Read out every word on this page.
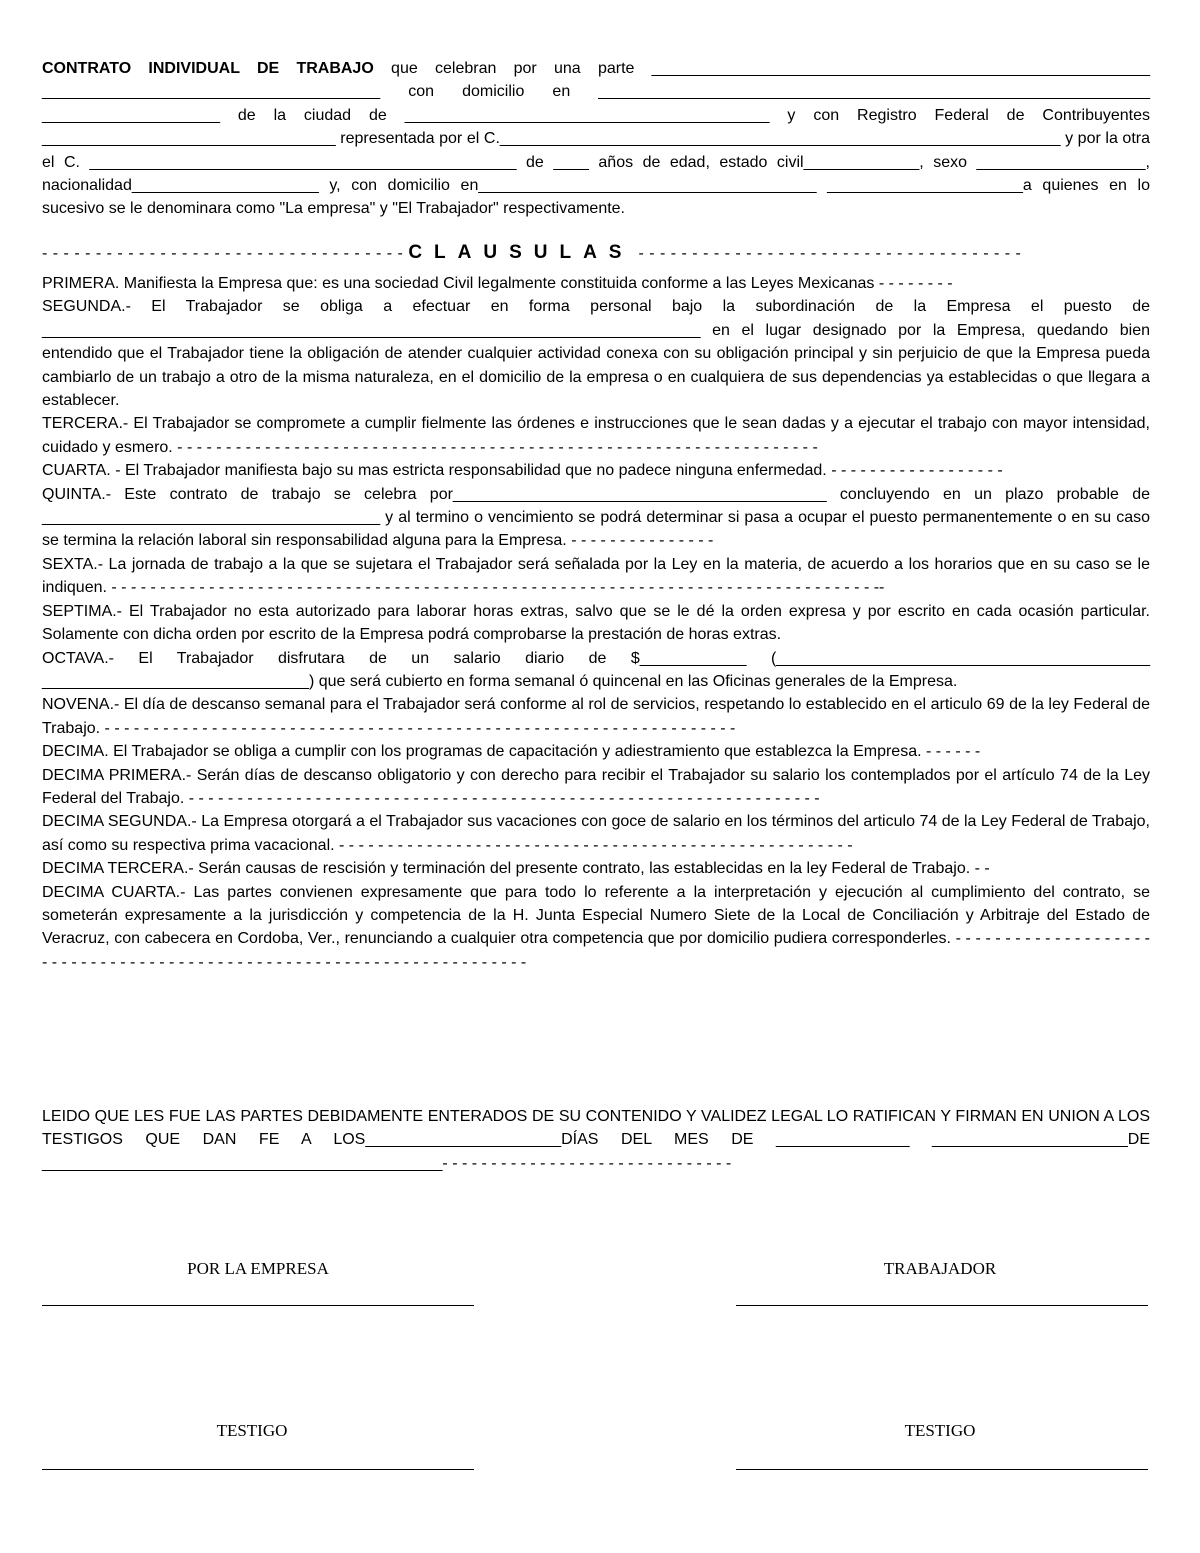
CONTRATO INDIVIDUAL DE TRABAJO que celebran por una parte ________________________________________________________ ______________________________________ con domicilio en ______________________________________________________________ ____________________ de la ciudad de _________________________________________ y con Registro Federal de Contribuyentes _________________________________ representada por el C._______________________________________________________________ y por la otra el C. ________________________________________________ de ____ años de edad, estado civil_____________, sexo ___________________, nacionalidad_____________________ y, con domicilio en______________________________________ ______________________a quienes en lo sucesivo se le denominara como "La empresa" y "El Trabajador" respectivamente.

- - - - - - - - - - - - - - - - - - - - - - - - - - - - - - - - - - CLAUSULAS - - - - - - - - - - - - - - - - - - - - - - - - - - - - - - - - - - - -

PRIMERA. Manifiesta la Empresa que: es una sociedad Civil legalmente constituida conforme a las Leyes Mexicanas - - - - - - - -

SEGUNDA.- El Trabajador se obliga a efectuar en forma personal bajo la subordinación de la Empresa el puesto de __________________________________________________________________________ en el lugar designado por la Empresa, quedando bien entendido que el Trabajador tiene la obligación de atender cualquier actividad conexa con su obligación principal y sin perjuicio de que la Empresa pueda cambiarlo de un trabajo a otro de la misma naturaleza, en el domicilio de la empresa o en cualquiera de sus dependencias ya establecidas o que llegara a establecer.

TERCERA.- El Trabajador se compromete a cumplir fielmente las órdenes e instrucciones que le sean dadas y a ejecutar el trabajo con mayor intensidad, cuidado y esmero. - - - - - - - - - - - - - - - - - - - - - - - - - - - - - - - - - - - - - - - - - - - - - - - - - - - - - - - - - - - - - - - - - -

CUARTA. - El Trabajador manifiesta bajo su mas estricta responsabilidad que no padece ninguna enfermedad. - - - - - - - - - - - - - - - - - -

QUINTA.- Este contrato de trabajo se celebra por__________________________________________ concluyendo en un plazo probable de ______________________________________ y al termino o vencimiento se podrá determinar si pasa a ocupar el puesto permanentemente o en su caso se termina la relación laboral sin responsabilidad alguna para la Empresa. - - - - - - - - - - - - - - -

SEXTA.- La jornada de trabajo a la que se sujetara el Trabajador será señalada por la Ley en la materia, de acuerdo a los horarios que en su caso se le indiquen. - - - - - - - - - - - - - - - - - - - - - - - - - - - - - - - - - - - - - - - - - - - - - - - - - - - - - - - - - - - - - - - - - - - - - - - - - - - - - - --

SEPTIMA.- El Trabajador no esta autorizado para laborar horas extras, salvo que se le dé la orden expresa y por escrito en cada ocasión particular. Solamente con dicha orden por escrito de la Empresa podrá comprobarse la prestación de horas extras.

OCTAVA.- El Trabajador disfrutara de un salario diario de $____________ (__________________________________________ ______________________________) que será cubierto en forma semanal ó quincenal en las Oficinas generales de la Empresa.

NOVENA.- El día de descanso semanal para el Trabajador será conforme al rol de servicios, respetando lo establecido en el articulo 69 de la ley Federal de Trabajo. - - - - - - - - - - - - - - - - - - - - - - - - - - - - - - - - - - - - - - - - - - - - - - - - - - - - - - - - - - - - - - - - -

DECIMA. El Trabajador se obliga a cumplir con los programas de capacitación y adiestramiento que establezca la Empresa. - - - - - -

DECIMA PRIMERA.- Serán días de descanso obligatorio y con derecho para recibir el Trabajador su salario los contemplados por el artículo 74 de la Ley Federal del Trabajo. - - - - - - - - - - - - - - - - - - - - - - - - - - - - - - - - - - - - - - - - - - - - - - - - - - - - - - - - - - - - - - - - -

DECIMA SEGUNDA.- La Empresa otorgará a el Trabajador sus vacaciones con goce de salario en los términos del articulo 74 de la Ley Federal de Trabajo, así como su respectiva prima vacacional. - - - - - - - - - - - - - - - - - - - - - - - - - - - - - - - - - - - - - - - - - - - - - - - - - - - - -

DECIMA TERCERA.- Serán causas de rescisión y terminación del presente contrato, las establecidas en la ley Federal de Trabajo. - -

DECIMA CUARTA.- Las partes convienen expresamente que para todo lo referente a la interpretación y ejecución al cumplimiento del contrato, se someterán expresamente a la jurisdicción y competencia de la H. Junta Especial Numero Siete de la Local de Conciliación y Arbitraje del Estado de Veracruz, con cabecera en Cordoba, Ver., renunciando a cualquier otra competencia que por domicilio pudiera corresponderles. - - - - - - - - - - - - - - - - - - - - - - - - - - - - - - - - - - - - - - - - - - - - - - - - - - - - - - - - - - - - - - - - - - - - - -

LEIDO QUE LES FUE LAS PARTES DEBIDAMENTE ENTERADOS DE SU CONTENIDO Y VALIDEZ LEGAL LO RATIFICAN Y FIRMAN EN UNION A LOS TESTIGOS QUE DAN FE A LOS______________________DÍAS DEL MES DE _______________ ______________________DE _____________________________________________- - - - - - - - - - - - - - - - - - - - - - - - - - - - - -

POR LA EMPRESA	TRABAJADOR
TESTIGO	TESTIGO
